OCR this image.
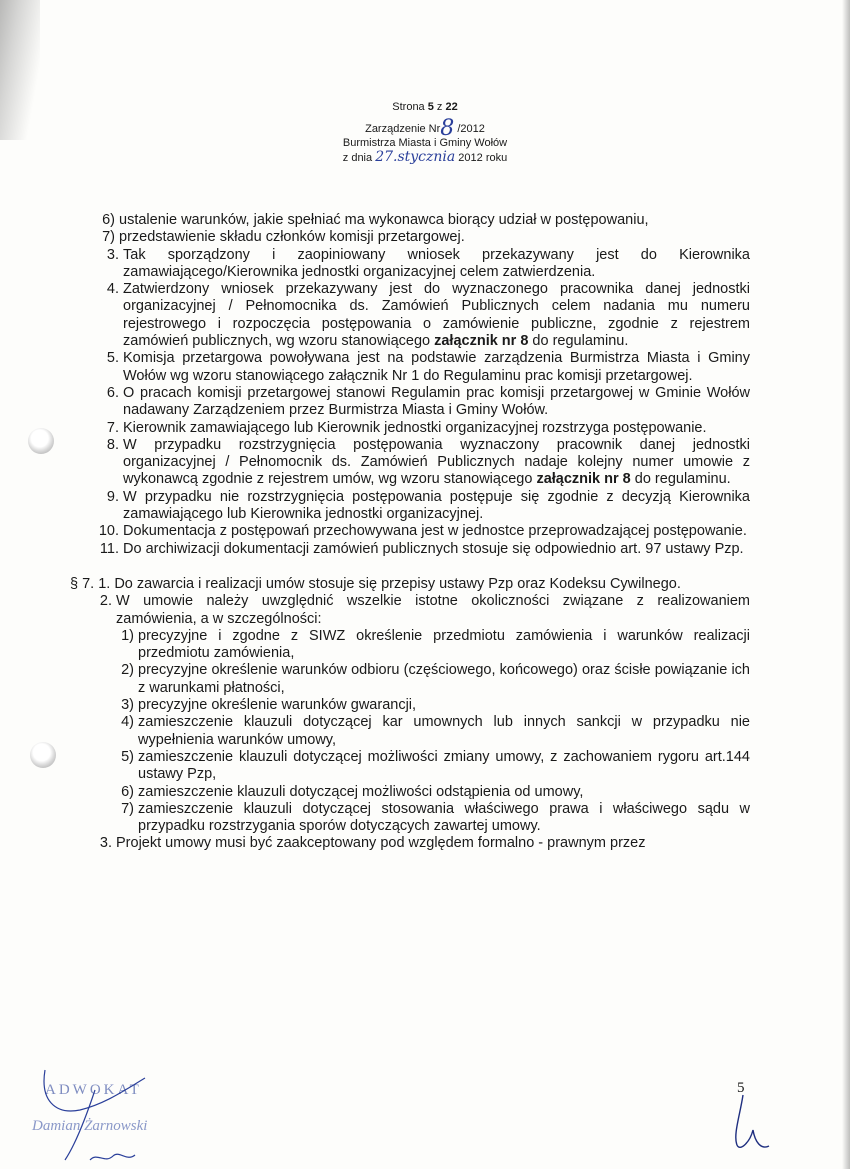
Strona 5 z 22
Zarządzenie Nr8 /2012
Burmistrza Miasta i Gminy Wołów
z dnia 27.stycznia 2012 roku
6) ustalenie warunków, jakie spełniać ma wykonawca biorący udział w postępowaniu,
7) przedstawienie składu członków komisji przetargowej.
3. Tak sporządzony i zaopiniowany wniosek przekazywany jest do Kierownika zamawiającego/Kierownika jednostki organizacyjnej celem zatwierdzenia.
4. Zatwierdzony wniosek przekazywany jest do wyznaczonego pracownika danej jednostki organizacyjnej / Pełnomocnika ds. Zamówień Publicznych celem nadania mu numeru rejestrowego i rozpoczęcia postępowania o zamówienie publiczne, zgodnie z rejestrem zamówień publicznych, wg wzoru stanowiącego załącznik nr 8 do regulaminu.
5. Komisja przetargowa powoływana jest na podstawie zarządzenia Burmistrza Miasta i Gminy Wołów wg wzoru stanowiącego załącznik Nr 1 do Regulaminu prac komisji przetargowej.
6. O pracach komisji przetargowej stanowi Regulamin prac komisji przetargowej w Gminie Wołów nadawany Zarządzeniem przez Burmistrza Miasta i Gminy Wołów.
7. Kierownik zamawiającego lub Kierownik jednostki organizacyjnej rozstrzyga postępowanie.
8. W przypadku rozstrzygnięcia postępowania wyznaczony pracownik danej jednostki organizacyjnej / Pełnomocnik ds. Zamówień Publicznych nadaje kolejny numer umowie z wykonawcą zgodnie z rejestrem umów, wg wzoru stanowiącego załącznik nr 8 do regulaminu.
9. W przypadku nie rozstrzygnięcia postępowania postępuje się zgodnie z decyzją Kierownika zamawiającego lub Kierownika jednostki organizacyjnej.
10. Dokumentacja z postępowań przechowywana jest w jednostce przeprowadzającej postępowanie.
11. Do archiwizacji dokumentacji zamówień publicznych stosuje się odpowiednio art. 97 ustawy Pzp.
§ 7. 1. Do zawarcia i realizacji umów stosuje się przepisy ustawy Pzp oraz Kodeksu Cywilnego.
2. W umowie należy uwzględnić wszelkie istotne okoliczności związane z realizowaniem zamówienia, a w szczególności:
1) precyzyjne i zgodne z SIWZ określenie przedmiotu zamówienia i warunków realizacji przedmiotu zamówienia,
2) precyzyjne określenie warunków odbioru (częściowego, końcowego) oraz ścisłe powiązanie ich z warunkami płatności,
3) precyzyjne określenie warunków gwarancji,
4) zamieszczenie klauzuli dotyczącej kar umownych lub innych sankcji w przypadku nie wypełnienia warunków umowy,
5) zamieszczenie klauzuli dotyczącej możliwości zmiany umowy, z zachowaniem rygoru art.144 ustawy Pzp,
6) zamieszczenie klauzuli dotyczącej możliwości odstąpienia od umowy,
7) zamieszczenie klauzuli dotyczącej stosowania właściwego prawa i właściwego sądu w przypadku rozstrzygania sporów dotyczących zawartej umowy.
3. Projekt umowy musi być zaakceptowany pod względem formalno - prawnym przez
ADWOKAT
Damian Żarnowski
5
